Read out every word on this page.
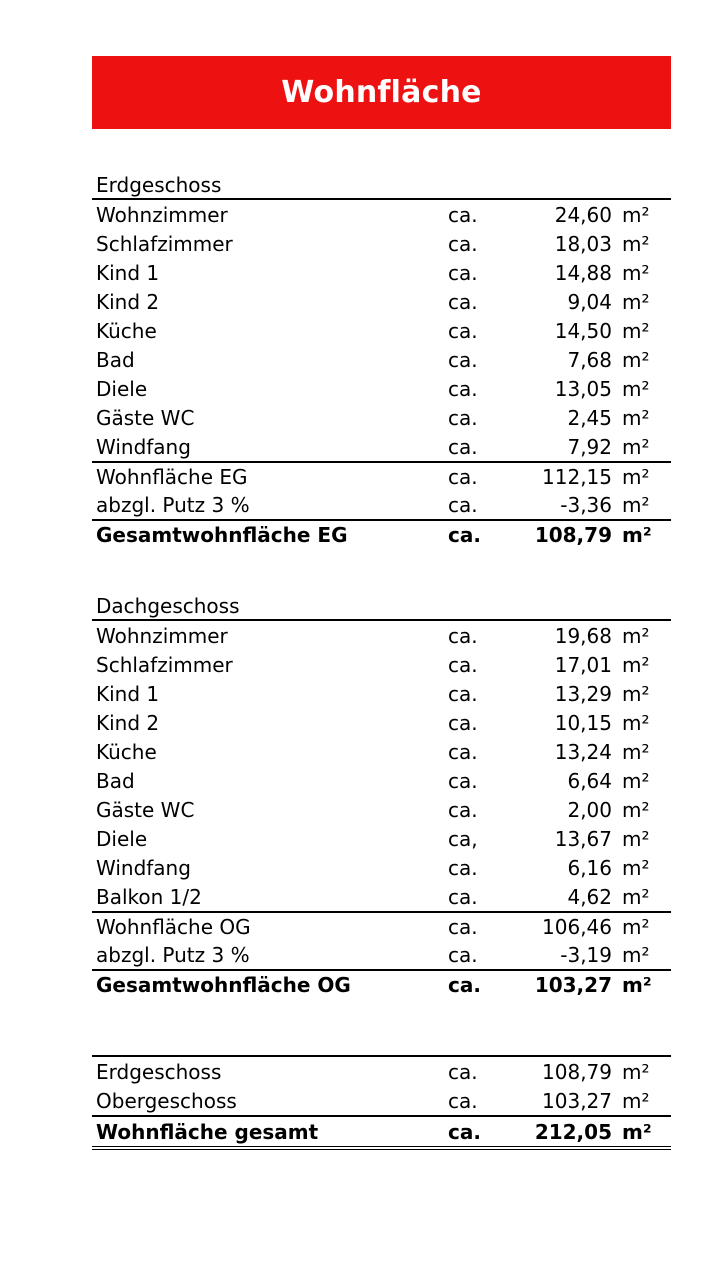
Wohnfläche
Erdgeschoss
Wohnzimmer	ca.	24,60 m²
Schlafzimmer	ca.	18,03 m²
Kind 1	ca.	14,88 m²
Kind 2	ca.	9,04 m²
Küche	ca.	14,50 m²
Bad	ca.	7,68 m²
Diele	ca.	13,05 m²
Gäste WC	ca.	2,45 m²
Windfang	ca.	7,92 m²
Wohnfläche EG	ca.	112,15 m²
abzgl. Putz 3 %	ca.	-3,36 m²
Gesamtwohnfläche EG	ca.	108,79 m²
Dachgeschoss
Wohnzimmer	ca.	19,68 m²
Schlafzimmer	ca.	17,01 m²
Kind 1	ca.	13,29 m²
Kind 2	ca.	10,15 m²
Küche	ca.	13,24 m²
Bad	ca.	6,64 m²
Gäste WC	ca.	2,00 m²
Diele	ca,	13,67 m²
Windfang	ca.	6,16 m²
Balkon 1/2	ca.	4,62 m²
Wohnfläche OG	ca.	106,46 m²
abzgl. Putz 3 %	ca.	-3,19 m²
Gesamtwohnfläche OG	ca.	103,27 m²
Erdgeschoss	ca.	108,79 m²
Obergeschoss	ca.	103,27 m²
Wohnfläche gesamt	ca.	212,05 m²
